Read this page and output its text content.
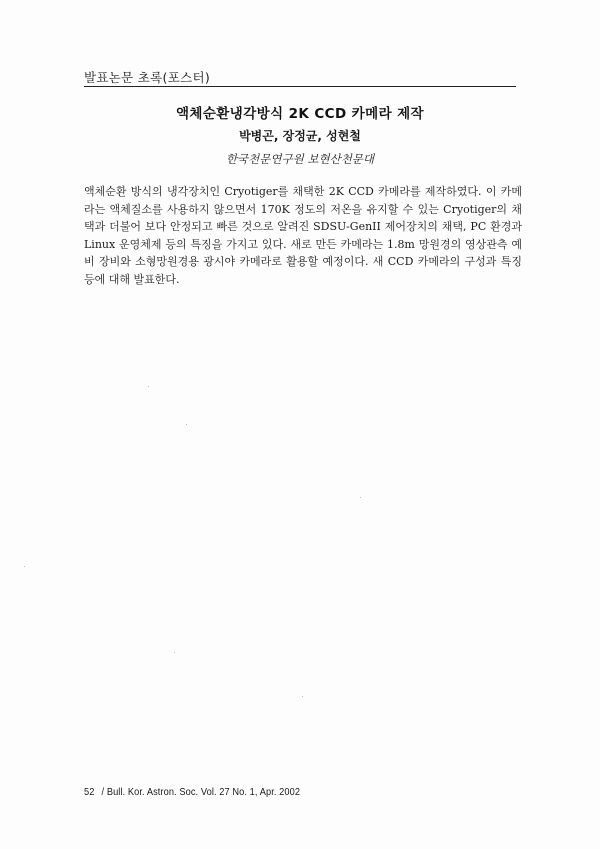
발표논문 초록(포스터)
액체순환냉각방식 2K CCD 카메라 제작
박병곤, 장정균, 성현철
한국천문연구원 보현산천문대

액체순환 방식의 냉각장치인 Cryotiger를 채택한 2K CCD 카메라를 제작하였다. 이 카메라는 액체질소를 사용하지 않으면서 170K 정도의 저온을 유지할 수 있는 Cryotiger의 채택과 더불어 보다 안정되고 빠른 것으로 알려진 SDSU-GenII 제어장치의 채택, PC 환경과 Linux 운영체제 등의 특징을 가지고 있다. 새로 만든 카메라는 1.8m 망원경의 영상관측 예비 장비와 소형망원경용 광시야 카메라로 활용할 예정이다. 새 CCD 카메라의 구성과 특징 등에 대해 발표한다.

52 / Bull. Kor. Astron. Soc. Vol. 27 No. 1, Apr. 2002
